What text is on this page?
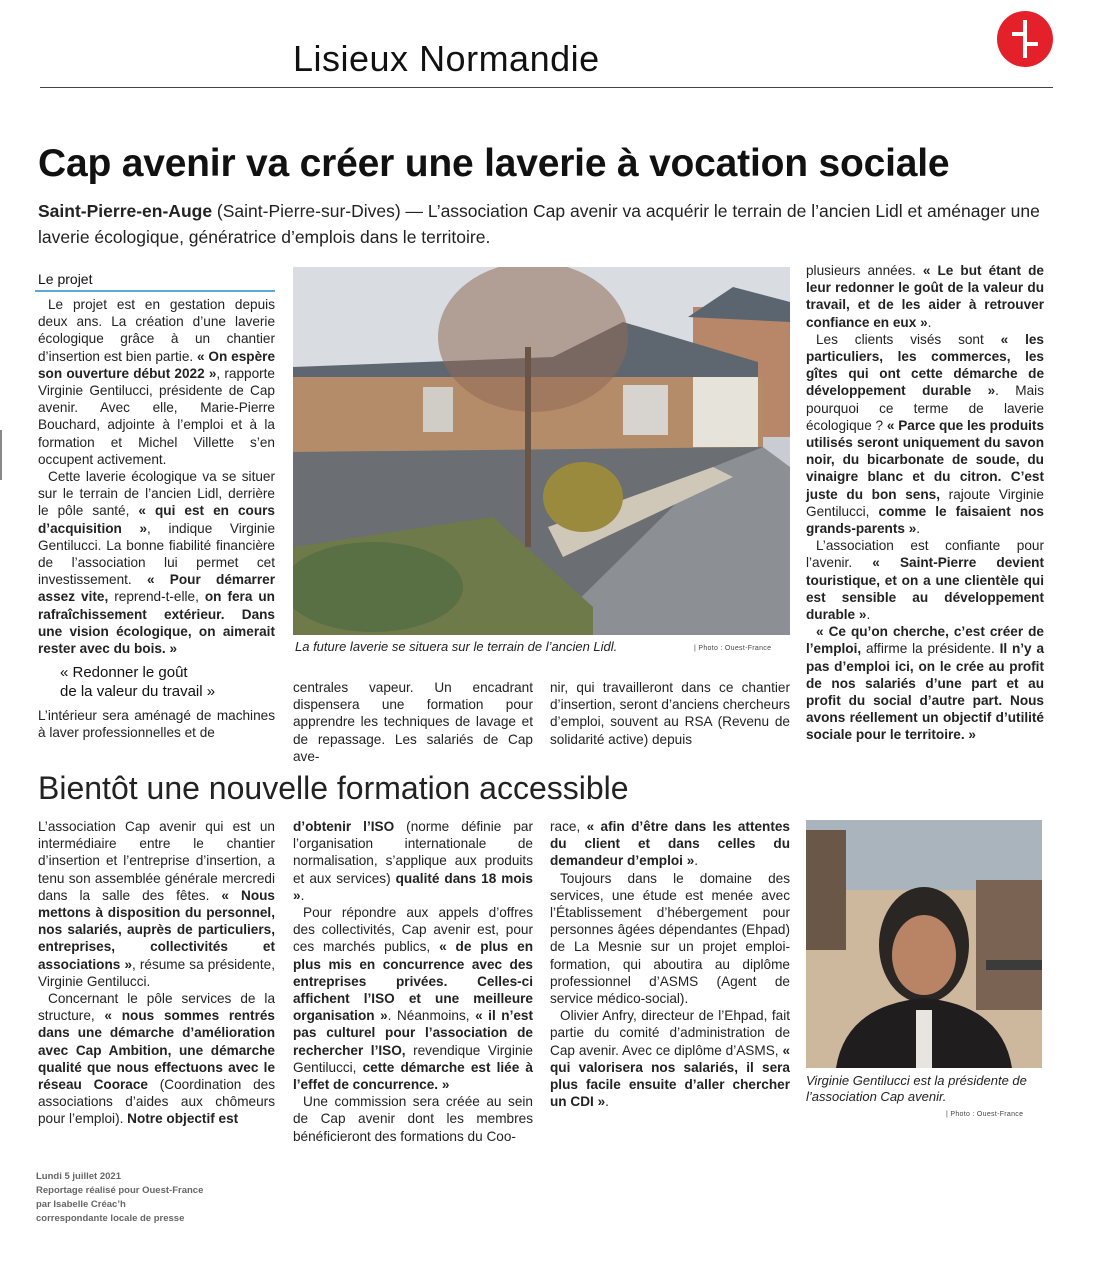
Lisieux Normandie
Cap avenir va créer une laverie à vocation sociale
Saint-Pierre-en-Auge (Saint-Pierre-sur-Dives) — L’association Cap avenir va acquérir le terrain de l’ancien Lidl et aménager une laverie écologique, génératrice d’emplois dans le territoire.
Le projet

Le projet est en gestation depuis deux ans. La création d’une laverie écologique grâce à un chantier d’insertion est bien partie. « On espère son ouverture début 2022 », rapporte Virginie Gentilucci, présidente de Cap avenir. Avec elle, Marie-Pierre Bouchard, adjointe à l’emploi et à la formation et Michel Villette s’en occupent activement.

Cette laverie écologique va se situer sur le terrain de l’ancien Lidl, derrière le pôle santé, « qui est en cours d’acquisition », indique Virginie Gentilucci. La bonne fiabilité financière de l’association lui permet cet investissement. « Pour démarrer assez vite, reprend-t-elle, on fera un rafraîchissement extérieur. Dans une vision écologique, on aimerait rester avec du bois. »

« Redonner le goût
de la valeur du travail »

L’intérieur sera aménagé de machines à laver professionnelles et de

La future laverie se situera sur le terrain de l’ancien Lidl.	| Photo : Ouest-France

centrales vapeur. Un encadrant dispensera une formation pour apprendre les techniques de lavage et de repassage. Les salariés de Cap ave-

nir, qui travailleront dans ce chantier d’insertion, seront d’anciens chercheurs d’emploi, souvent au RSA (Revenu de solidarité active) depuis

plusieurs années. « Le but étant de leur redonner le goût de la valeur du travail, et de les aider à retrouver confiance en eux ».

Les clients visés sont « les particuliers, les commerces, les gîtes qui ont cette démarche de développement durable ». Mais pourquoi ce terme de laverie écologique ? « Parce que les produits utilisés seront uniquement du savon noir, du bicarbonate de soude, du vinaigre blanc et du citron. C’est juste du bon sens, rajoute Virginie Gentilucci, comme le faisaient nos grands-parents ».

L’association est confiante pour l’avenir. « Saint-Pierre devient touristique, et on a une clientèle qui est sensible au développement durable ».

« Ce qu’on cherche, c’est créer de l’emploi, affirme la présidente. Il n’y a pas d’emploi ici, on le crée au profit de nos salariés d’une part et au profit du social d’autre part. Nous avons réellement un objectif d’utilité sociale pour le territoire. »

Bientôt une nouvelle formation accessible

L’association Cap avenir qui est un intermédiaire entre le chantier d’insertion et l’entreprise d’insertion, a tenu son assemblée générale mercredi dans la salle des fêtes. « Nous mettons à disposition du personnel, nos salariés, auprès de particuliers, entreprises, collectivités et associations », résume sa présidente, Virginie Gentilucci.

Concernant le pôle services de la structure, « nous sommes rentrés dans une démarche d’amélioration avec Cap Ambition, une démarche qualité que nous effectuons avec le réseau Coorace (Coordination des associations d’aides aux chômeurs pour l’emploi). Notre objectif est

d’obtenir l’ISO (norme définie par l’organisation internationale de normalisation, s’applique aux produits et aux services) qualité dans 18 mois ».

Pour répondre aux appels d’offres des collectivités, Cap avenir est, pour ces marchés publics, « de plus en plus mis en concurrence avec des entreprises privées. Celles-ci affichent l’ISO et une meilleure organisation ». Néanmoins, « il n’est pas culturel pour l’association de rechercher l’ISO, revendique Virginie Gentilucci, cette démarche est liée à l’effet de concurrence. »

Une commission sera créée au sein de Cap avenir dont les membres bénéficieront des formations du Coo-

race, « afin d’être dans les attentes du client et dans celles du demandeur d’emploi ».

Toujours dans le domaine des services, une étude est menée avec l’Établissement d’hébergement pour personnes âgées dépendantes (Ehpad) de La Mesnie sur un projet emploi-formation, qui aboutira au diplôme professionnel d’ASMS (Agent de service médico-social).

Olivier Anfry, directeur de l’Ehpad, fait partie du comité d’administration de Cap avenir. Avec ce diplôme d’ASMS, « qui valorisera nos salariés, il sera plus facile ensuite d’aller chercher un CDI ».

Virginie Gentilucci est la présidente de l’association Cap avenir.
| Photo : Ouest-France
Lundi 5 juillet 2021
Reportage réalisé pour Ouest-France
par Isabelle Créac’h
correspondante locale de presse
